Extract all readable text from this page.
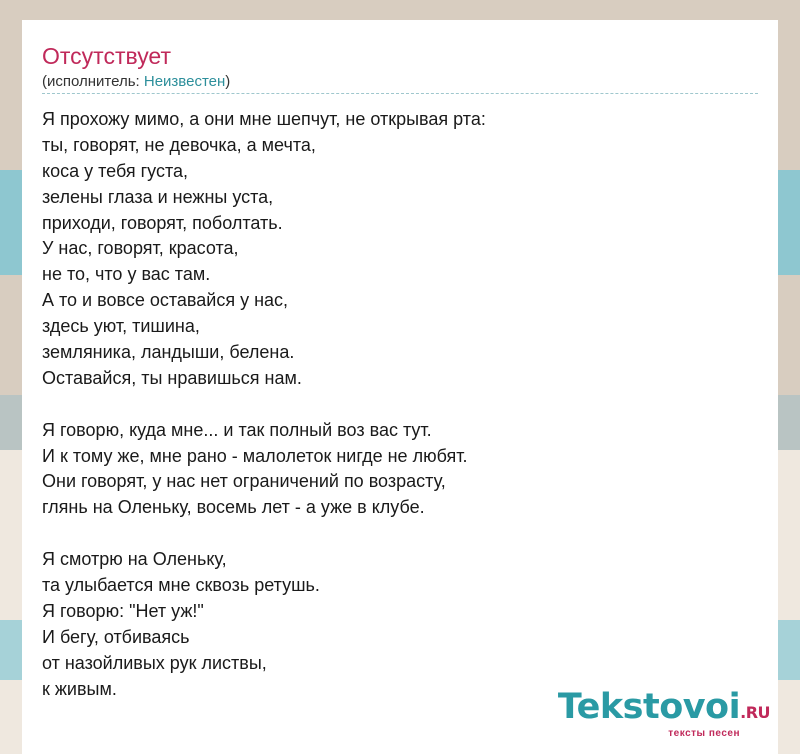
Отсутствует
(исполнитель: Неизвестен)
Я прохожу мимо, а они мне шепчут, не открывая рта:
ты, говорят, не девочка, а мечта,
коса у тебя густа,
зелены глаза и нежны уста,
приходи, говорят, поболтать.
У нас, говорят, красота,
не то, что у вас там.
А то и вовсе оставайся у нас,
здесь уют, тишина,
земляника, ландыши, белена.
Оставайся, ты нравишься нам.
Я говорю, куда мне... и так полный воз вас тут.
И к тому же, мне рано - малолеток нигде не любят.
Они говорят, у нас нет ограничений по возрасту,
глянь на Оленьку, восемь лет - а уже в клубе.
Я смотрю на Оленьку,
та улыбается мне сквозь ретушь.
Я говорю: "Нет уж!"
И бегу, отбиваясь
от назойливых рук листвы,
к живым.	Tekstovoi.RU
тексты песен
